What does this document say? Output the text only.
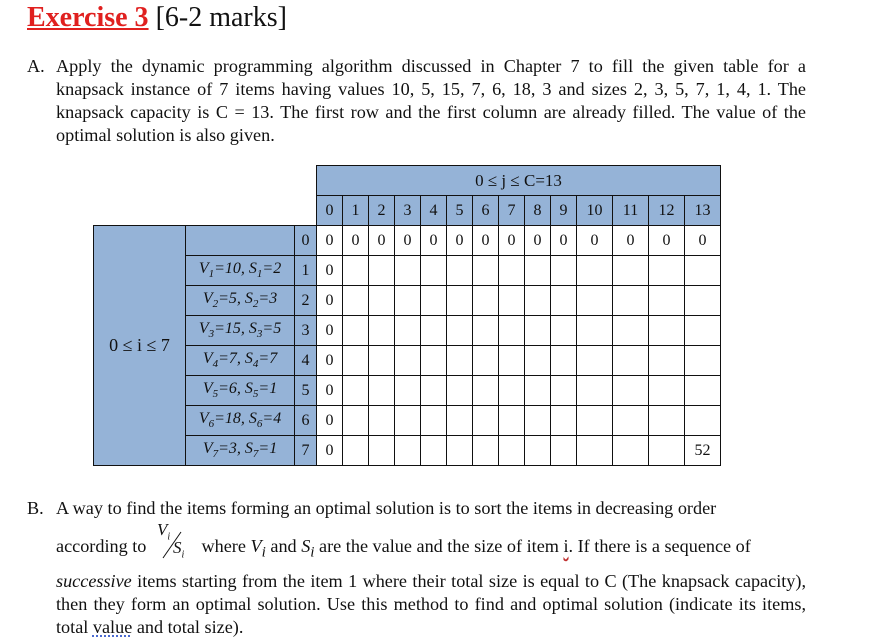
Exercise 3 [6-2 marks]
A. Apply the dynamic programming algorithm discussed in Chapter 7 to fill the given table for a knapsack instance of 7 items having values 10, 5, 15, 7, 6, 18, 3 and sizes 2, 3, 5, 7, 1, 4, 1. The knapsack capacity is C = 13. The first row and the first column are already filled. The value of the optimal solution is also given.
			0 ≤ j ≤ C=13													
			0	1	2	3	4	5	6	7	8	9	10	11	12	13
0 ≤ i ≤ 7		0	0	0	0	0	0	0	0	0	0	0	0	0	0	0
	$V_1=10$, $S_1=2$	1	0													
	$V_2=5$, $S_2=3$	2	0													
	$V_3=15$, $S_3=5$	3	0													
	$V_4=7$, $S_4=7$	4	0													
	$V_5=6$, $S_5=1$	5	0													
	$V_6=18$, $S_6=4$	6	0													
	$V_7=3$, $S_7=1$	7	0													52
B. A way to find the items forming an optimal solution is to sort the items in decreasing order
according to
$V_i$
$S_i$ where $V_i$ and $S_i$ are the value and the size of item i. If there is a sequence of
successive items starting from the item 1 where their total size is equal to C (The knapsack capacity), then they form an optimal solution. Use this method to find and optimal solution (indicate its items, total value and total size).
